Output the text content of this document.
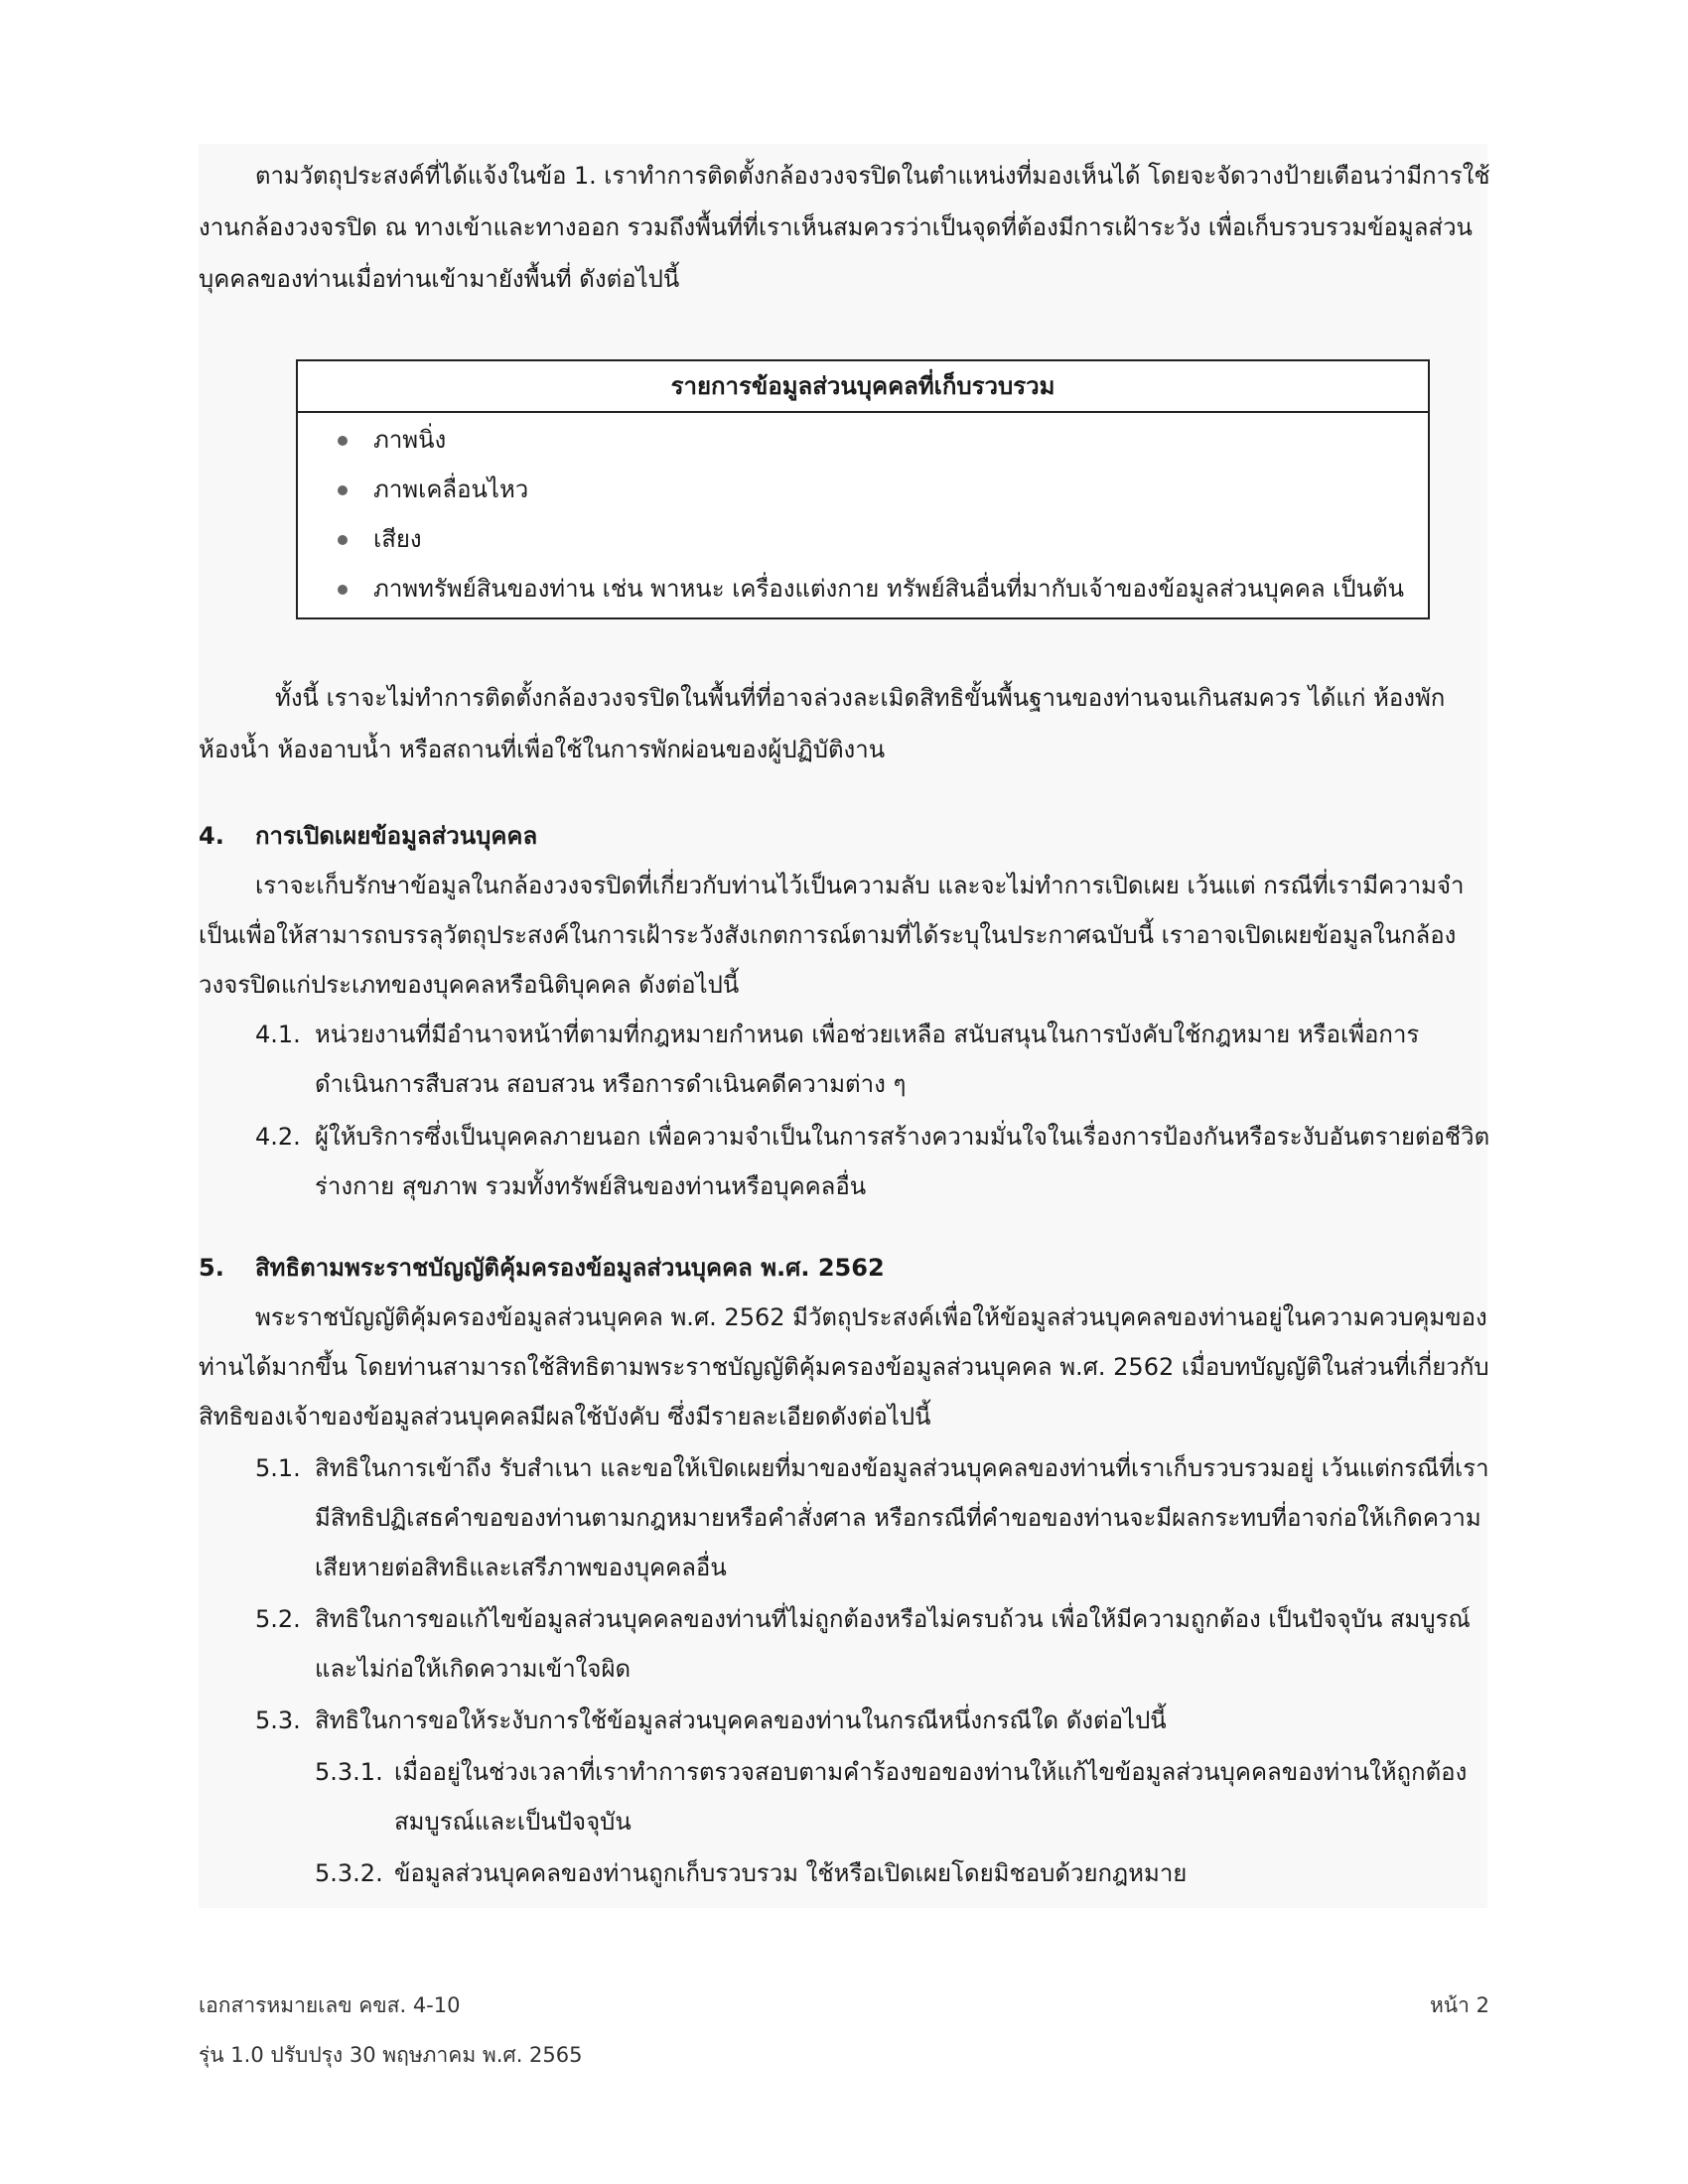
ตามวัตถุประสงค์ที่ได้แจ้งในข้อ 1. เราทำการติดตั้งกล้องวงจรปิดในตำแหน่งที่มองเห็นได้ โดยจะจัดวางป้ายเตือนว่ามีการใช้
งานกล้องวงจรปิด ณ ทางเข้าและทางออก รวมถึงพื้นที่ที่เราเห็นสมควรว่าเป็นจุดที่ต้องมีการเฝ้าระวัง เพื่อเก็บรวบรวมข้อมูลส่วน
บุคคลของท่านเมื่อท่านเข้ามายังพื้นที่ ดังต่อไปนี้
รายการข้อมูลส่วนบุคคลที่เก็บรวบรวม
ภาพนิ่ง
ภาพเคลื่อนไหว
เสียง
ภาพทรัพย์สินของท่าน เช่น พาหนะ เครื่องแต่งกาย ทรัพย์สินอื่นที่มากับเจ้าของข้อมูลส่วนบุคคล เป็นต้น
ทั้งนี้ เราจะไม่ทำการติดตั้งกล้องวงจรปิดในพื้นที่ที่อาจล่วงละเมิดสิทธิขั้นพื้นฐานของท่านจนเกินสมควร ได้แก่ ห้องพัก
ห้องน้ำ ห้องอาบน้ำ หรือสถานที่เพื่อใช้ในการพักผ่อนของผู้ปฏิบัติงาน
4. การเปิดเผยข้อมูลส่วนบุคคล
เราจะเก็บรักษาข้อมูลในกล้องวงจรปิดที่เกี่ยวกับท่านไว้เป็นความลับ และจะไม่ทำการเปิดเผย เว้นแต่ กรณีที่เรามีความจำ
เป็นเพื่อให้สามารถบรรลุวัตถุประสงค์ในการเฝ้าระวังสังเกตการณ์ตามที่ได้ระบุในประกาศฉบับนี้ เราอาจเปิดเผยข้อมูลในกล้อง
วงจรปิดแก่ประเภทของบุคคลหรือนิติบุคคล ดังต่อไปนี้
4.1. หน่วยงานที่มีอำนาจหน้าที่ตามที่กฎหมายกำหนด เพื่อช่วยเหลือ สนับสนุนในการบังคับใช้กฎหมาย หรือเพื่อการ
ดำเนินการสืบสวน สอบสวน หรือการดำเนินคดีความต่าง ๆ
4.2. ผู้ให้บริการซึ่งเป็นบุคคลภายนอก เพื่อความจำเป็นในการสร้างความมั่นใจในเรื่องการป้องกันหรือระงับอันตรายต่อชีวิต
ร่างกาย สุขภาพ รวมทั้งทรัพย์สินของท่านหรือบุคคลอื่น
5. สิทธิตามพระราชบัญญัติคุ้มครองข้อมูลส่วนบุคคล พ.ศ. 2562
พระราชบัญญัติคุ้มครองข้อมูลส่วนบุคคล พ.ศ. 2562 มีวัตถุประสงค์เพื่อให้ข้อมูลส่วนบุคคลของท่านอยู่ในความควบคุมของ
ท่านได้มากขึ้น โดยท่านสามารถใช้สิทธิตามพระราชบัญญัติคุ้มครองข้อมูลส่วนบุคคล พ.ศ. 2562 เมื่อบทบัญญัติในส่วนที่เกี่ยวกับ
สิทธิของเจ้าของข้อมูลส่วนบุคคลมีผลใช้บังคับ ซึ่งมีรายละเอียดดังต่อไปนี้
5.1. สิทธิในการเข้าถึง รับสำเนา และขอให้เปิดเผยที่มาของข้อมูลส่วนบุคคลของท่านที่เราเก็บรวบรวมอยู่ เว้นแต่กรณีที่เรา
มีสิทธิปฏิเสธคำขอของท่านตามกฎหมายหรือคำสั่งศาล หรือกรณีที่คำขอของท่านจะมีผลกระทบที่อาจก่อให้เกิดความ
เสียหายต่อสิทธิและเสรีภาพของบุคคลอื่น
5.2. สิทธิในการขอแก้ไขข้อมูลส่วนบุคคลของท่านที่ไม่ถูกต้องหรือไม่ครบถ้วน เพื่อให้มีความถูกต้อง เป็นปัจจุบัน สมบูรณ์
และไม่ก่อให้เกิดความเข้าใจผิด
5.3. สิทธิในการขอให้ระงับการใช้ข้อมูลส่วนบุคคลของท่านในกรณีหนึ่งกรณีใด ดังต่อไปนี้
5.3.1. เมื่ออยู่ในช่วงเวลาที่เราทำการตรวจสอบตามคำร้องขอของท่านให้แก้ไขข้อมูลส่วนบุคคลของท่านให้ถูกต้อง
สมบูรณ์และเป็นปัจจุบัน
5.3.2. ข้อมูลส่วนบุคคลของท่านถูกเก็บรวบรวม ใช้หรือเปิดเผยโดยมิชอบด้วยกฎหมาย
เอกสารหมายเลข คขส. 4-10	หน้า 2
รุ่น 1.0 ปรับปรุง 30 พฤษภาคม พ.ศ. 2565
